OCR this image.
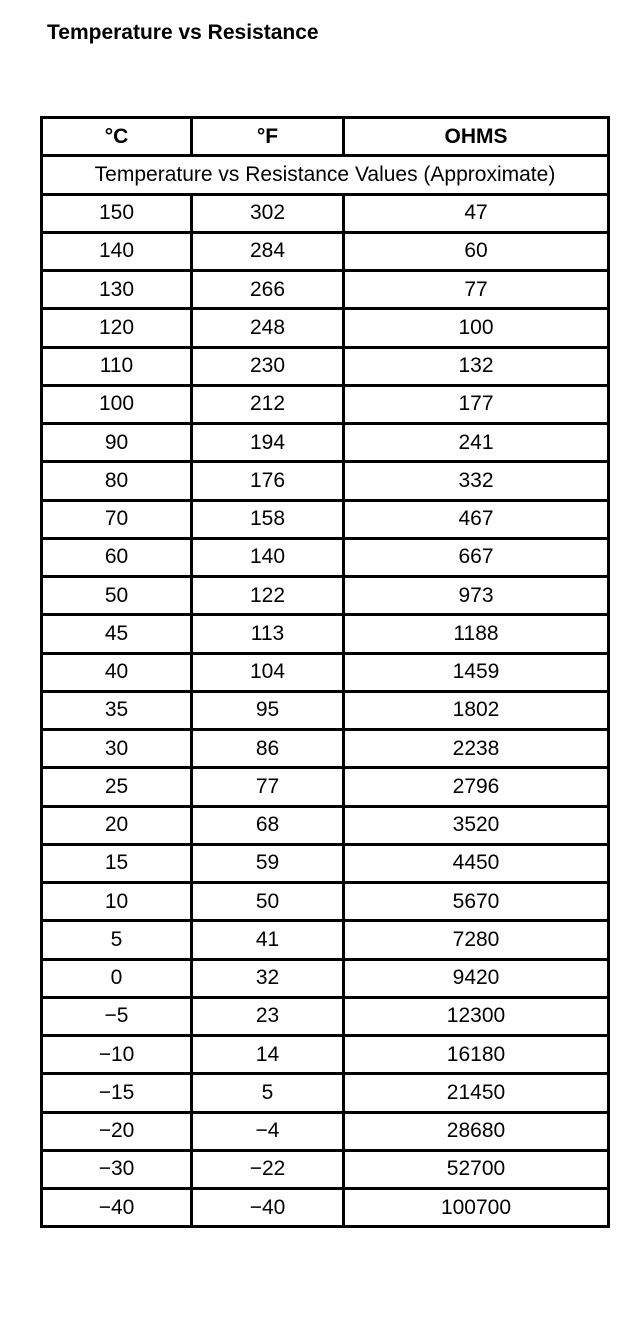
Temperature vs Resistance
°C	°F	OHMS
Temperature vs Resistance Values (Approximate)		
150	302	47
140	284	60
130	266	77
120	248	100
110	230	132
100	212	177
90	194	241
80	176	332
70	158	467
60	140	667
50	122	973
45	113	1188
40	104	1459
35	95	1802
30	86	2238
25	77	2796
20	68	3520
15	59	4450
10	50	5670
5	41	7280
0	32	9420
−5	23	12300
−10	14	16180
−15	5	21450
−20	−4	28680
−30	−22	52700
−40	−40	100700
